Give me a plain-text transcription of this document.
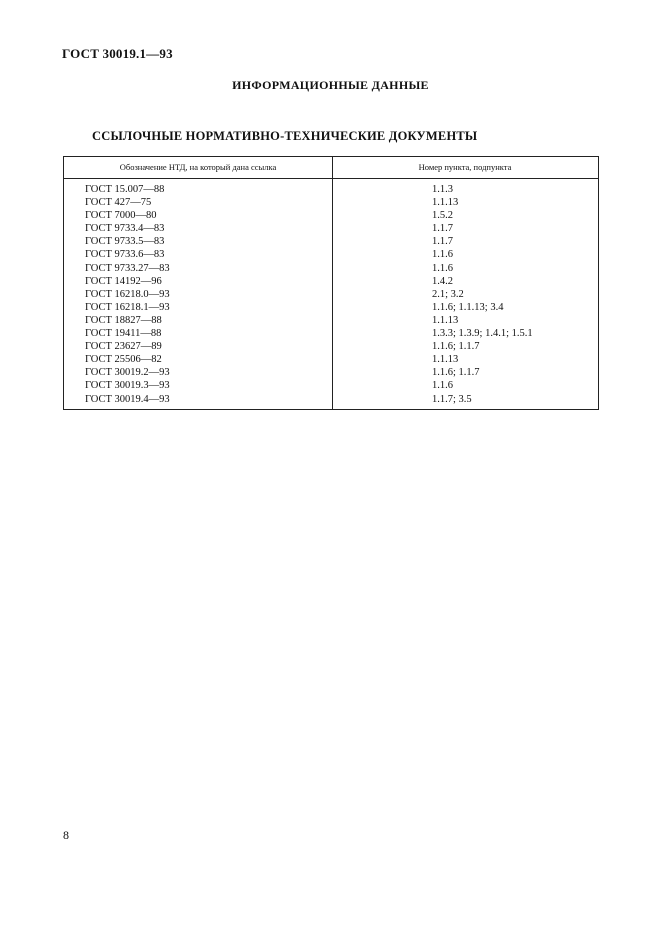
ГОСТ 30019.1—93
ИНФОРМАЦИОННЫЕ ДАННЫЕ
ССЫЛОЧНЫЕ НОРМАТИВНО-ТЕХНИЧЕСКИЕ ДОКУМЕНТЫ
Обозначение НТД, на который дана ссылка	Номер пункта, подпункта
ГОСТ 15.007—88	1.1.3
ГОСТ 427—75	1.1.13
ГОСТ 7000—80	1.5.2
ГОСТ 9733.4—83	1.1.7
ГОСТ 9733.5—83	1.1.7
ГОСТ 9733.6—83	1.1.6
ГОСТ 9733.27—83	1.1.6
ГОСТ 14192—96	1.4.2
ГОСТ 16218.0—93	2.1; 3.2
ГОСТ 16218.1—93	1.1.6; 1.1.13; 3.4
ГОСТ 18827—88	1.1.13
ГОСТ 19411—88	1.3.3; 1.3.9; 1.4.1; 1.5.1
ГОСТ 23627—89	1.1.6; 1.1.7
ГОСТ 25506—82	1.1.13
ГОСТ 30019.2—93	1.1.6; 1.1.7
ГОСТ 30019.3—93	1.1.6
ГОСТ 30019.4—93	1.1.7; 3.5
8
